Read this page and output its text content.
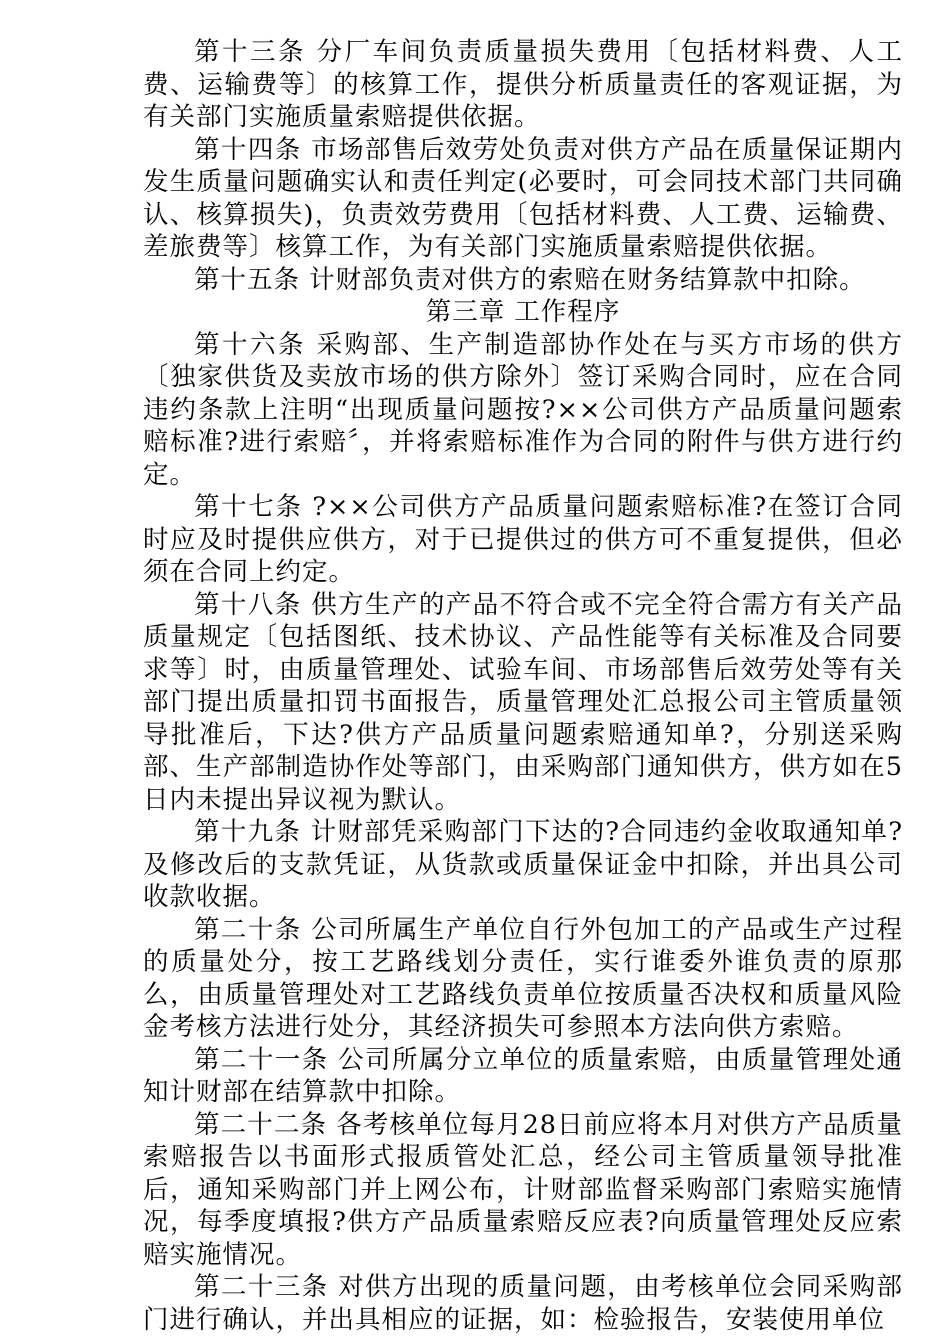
第十三条 分厂车间负责质量损失费用〔包括材料费、人工费、运输费等〕的核算工作，提供分析质量责任的客观证据，为有关部门实施质量索赔提供依据。

第十四条 市场部售后效劳处负责对供方产品在质量保证期内发生质量问题确实认和责任判定(必要时，可会同技术部门共同确认、核算损失)，负责效劳费用〔包括材料费、人工费、运输费、差旅费等〕核算工作，为有关部门实施质量索赔提供依据。

第十五条 计财部负责对供方的索赔在财务结算款中扣除。

第三章 工作程序

第十六条 采购部、生产制造部协作处在与买方市场的供方〔独家供货及卖放市场的供方除外〕签订采购合同时，应在合同违约条款上注明“出现质量问题按?××公司供方产品质量问题索赔标准?进行索赔〞，并将索赔标准作为合同的附件与供方进行约定。

第十七条 ?××公司供方产品质量问题索赔标准?在签订合同时应及时提供应供方，对于已提供过的供方可不重复提供，但必须在合同上约定。

第十八条 供方生产的产品不符合或不完全符合需方有关产品质量规定〔包括图纸、技术协议、产品性能等有关标准及合同要求等〕时，由质量管理处、试验车间、市场部售后效劳处等有关部门提出质量扣罚书面报告，质量管理处汇总报公司主管质量领导批准后，下达?供方产品质量问题索赔通知单?，分别送采购部、生产部制造协作处等部门，由采购部门通知供方，供方如在5日内未提出异议视为默认。

第十九条 计财部凭采购部门下达的?合同违约金收取通知单?及修改后的支款凭证，从货款或质量保证金中扣除，并出具公司收款收据。

第二十条 公司所属生产单位自行外包加工的产品或生产过程的质量处分，按工艺路线划分责任，实行谁委外谁负责的原那么，由质量管理处对工艺路线负责单位按质量否决权和质量风险金考核方法进行处分，其经济损失可参照本方法向供方索赔。

第二十一条 公司所属分立单位的质量索赔，由质量管理处通知计财部在结算款中扣除。

第二十二条 各考核单位每月28日前应将本月对供方产品质量索赔报告以书面形式报质管处汇总，经公司主管质量领导批准后，通知采购部门并上网公布，计财部监督采购部门索赔实施情况，每季度填报?供方产品质量索赔反应表?向质量管理处反应索赔实施情况。

第二十三条 对供方出现的质量问题，由考核单位会同采购部门进行确认，并出具相应的证据，如：检验报告，安装使用单位
